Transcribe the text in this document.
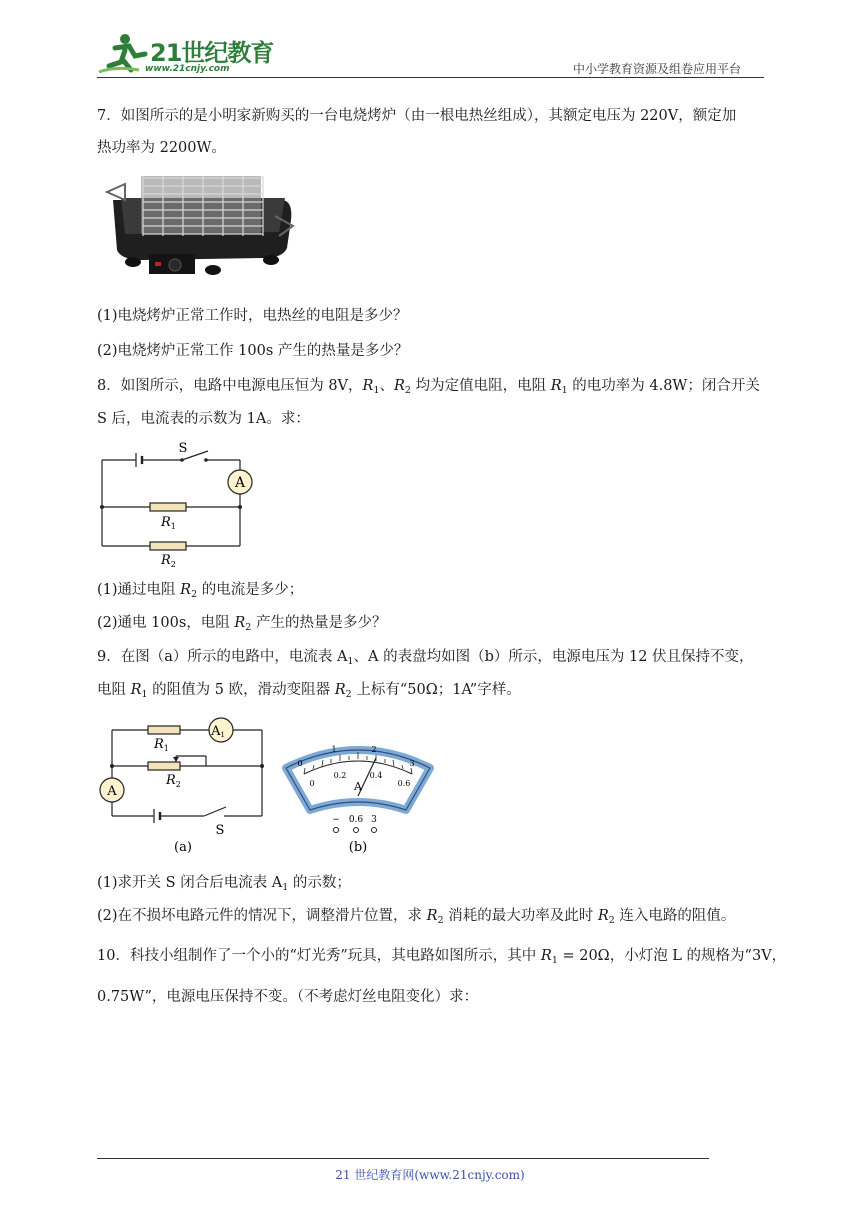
21世纪教育
www.21cnjy.com	中小学教育资源及组卷应用平台
7．如图所示的是小明家新购买的一台电烧烤炉（由一根电热丝组成），其额定电压为 220V，额定加
热功率为 2200W。
(1)电烧烤炉正常工作时，电热丝的电阻是多少？
(2)电烧烤炉正常工作 100s 产生的热量是多少？
8．如图所示，电路中电源电压恒为 8V，$R_1$、$R_2$ 均为定值电阻，电阻 $R_1$ 的电功率为 4.8W；闭合开关
S 后，电流表的示数为 1A。求：
A
S
$R_1$
$R_2$
(1)通过电阻 $R_2$ 的电流是多少；
(2)通电 100s，电阻 $R_2$ 产生的热量是多少？
9．在图（a）所示的电路中，电流表 $A_1$、A 的表盘均如图（b）所示，电源电压为 12 伏且保持不变，
电阻 $R_1$ 的阻值为 5 欧，滑动变阻器 $R_2$ 上标有“50Ω；1A”字样。
A1
A
$R_1$
$R_2$
S
(a)
0
1	2
3
0
0.2	0.4
0.6
A
− 0.6 3
(b)
(1)求开关 S 闭合后电流表 $A_1$ 的示数；
(2)在不损坏电路元件的情况下，调整滑片位置，求 $R_2$ 消耗的最大功率及此时 $R_2$ 连入电路的阻值。
10．科技小组制作了一个小的“灯光秀”玩具，其电路如图所示，其中 $R_1 = 20\Omega$，小灯泡 L 的规格为“3V，
0.75W”，电源电压保持不变。（不考虑灯丝电阻变化）求：
21 世纪教育网(www.21cnjy.com)
